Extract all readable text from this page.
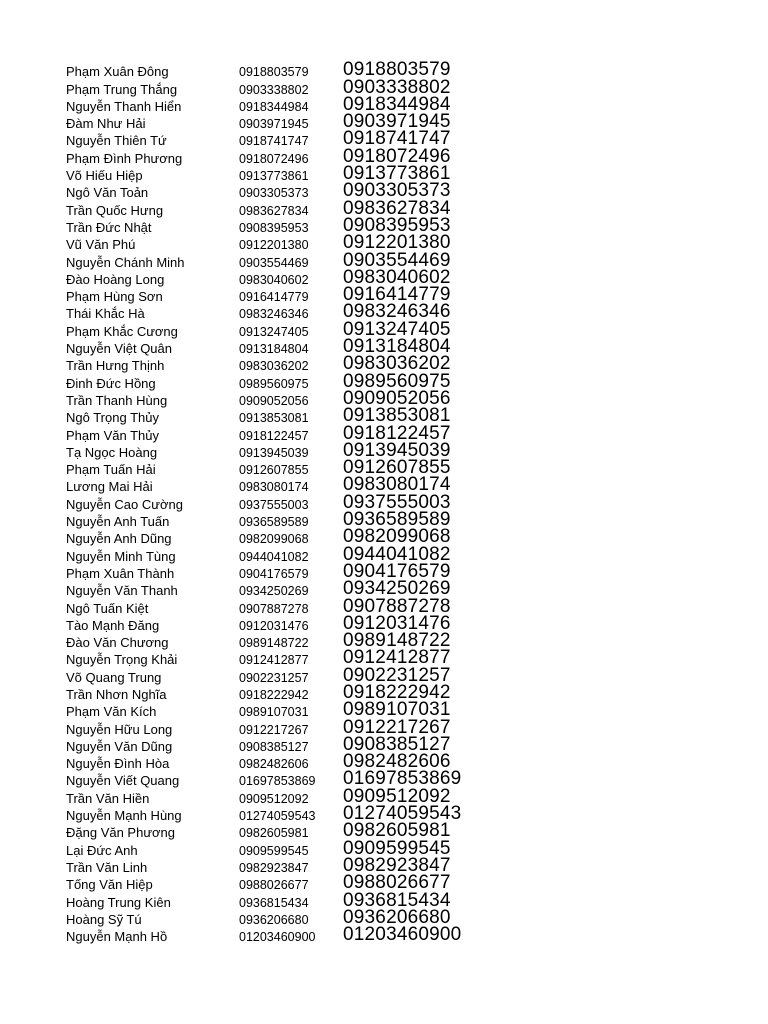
Phạm Xuân Đông	0918803579 0918803579
Phạm Trung Thắng	0903338802 0903338802
Nguyễn Thanh Hiển	0918344984 0918344984
Đàm Như Hải	0903971945 0903971945
Nguyễn Thiên Tứ	0918741747 0918741747
Phạm Đình Phương	0918072496 0918072496
Võ Hiếu Hiệp	0913773861 0913773861
Ngô Văn Toản	0903305373 0903305373
Trần Quốc Hưng	0983627834 0983627834
Trần Đức Nhật	0908395953 0908395953
Vũ Văn Phú	0912201380 0912201380
Nguyễn Chánh Minh	0903554469 0903554469
Đào Hoàng Long	0983040602 0983040602
Phạm Hùng Sơn	0916414779 0916414779
Thái Khắc Hà	0983246346 0983246346
Phạm Khắc Cương	0913247405 0913247405
Nguyễn Việt Quân	0913184804 0913184804
Trần Hưng Thịnh	0983036202 0983036202
Đinh Đức Hồng	0989560975 0989560975
Trần Thanh Hùng	0909052056 0909052056
Ngô Trọng Thủy	0913853081 0913853081
Phạm Văn Thủy	0918122457 0918122457
Tạ Ngọc Hoàng	0913945039 0913945039
Phạm Tuấn Hải	0912607855 0912607855
Lương Mai Hải	0983080174 0983080174
Nguyễn Cao Cường	0937555003 0937555003
Nguyễn Anh Tuấn	0936589589 0936589589
Nguyễn Anh Dũng	0982099068 0982099068
Nguyễn Minh Tùng	0944041082 0944041082
Phạm Xuân Thành	0904176579 0904176579
Nguyễn Văn Thanh	0934250269 0934250269
Ngô Tuấn Kiệt	0907887278 0907887278
Tào Mạnh Đăng	0912031476 0912031476
Đào Văn Chương	0989148722 0989148722
Nguyễn Trọng Khải	0912412877 0912412877
Võ Quang Trung	0902231257 0902231257
Trần Nhơn Nghĩa	0918222942 0918222942
Phạm Văn Kích	0989107031 0989107031
Nguyễn Hữu Long	0912217267 0912217267
Nguyễn Văn Dũng	0908385127 0908385127
Nguyễn Đình Hòa	0982482606 0982482606
Nguyễn Viết Quang	01697853869 01697853869
Trần Văn Hiền	0909512092 0909512092
Nguyễn Mạnh Hùng	01274059543 01274059543
Đặng Văn Phương	0982605981 0982605981
Lại Đức Anh	0909599545 0909599545
Trần Văn Linh	0982923847 0982923847
Tống Văn Hiệp	0988026677 0988026677
Hoàng Trung Kiên	0936815434 0936815434
Hoàng Sỹ Tú	0936206680 0936206680
Nguyễn Mạnh Hồ	01203460900 01203460900
